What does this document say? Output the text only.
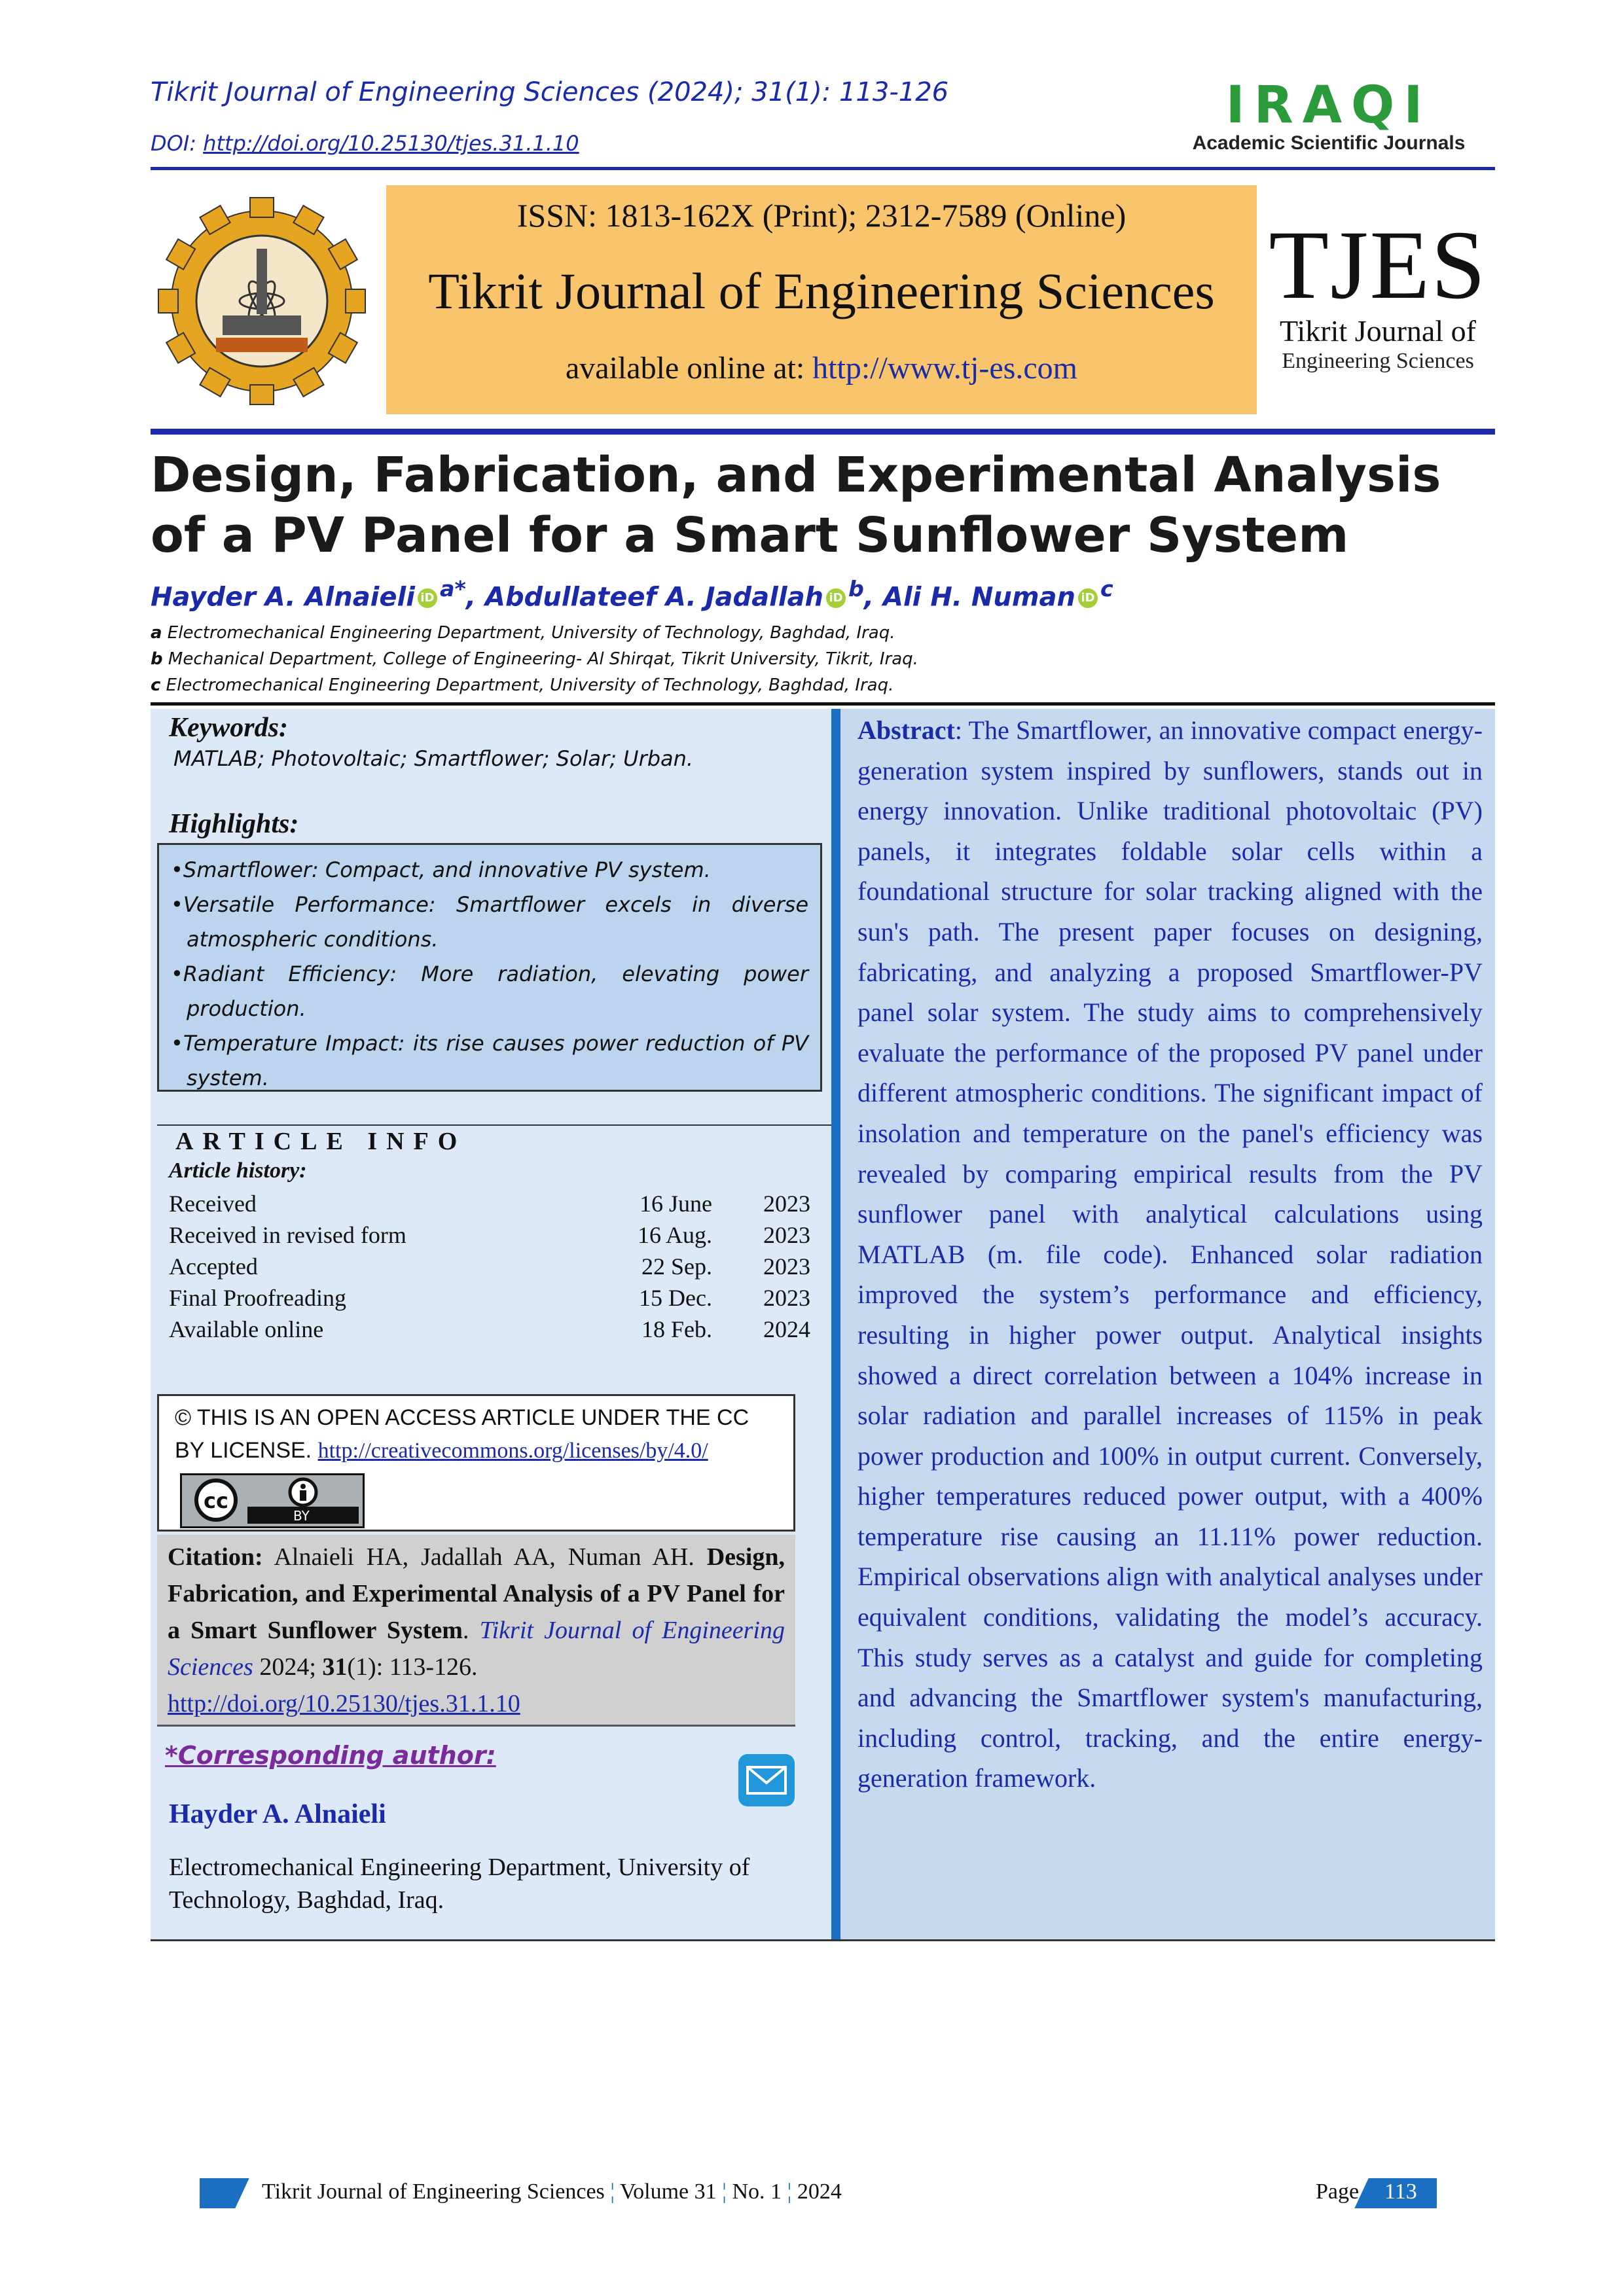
Tikrit Journal of Engineering Sciences (2024); 31(1): 113-126
DOI: http://doi.org/10.25130/tjes.31.1.10
IRAQI
Academic Scientific Journals
ISSN: 1813-162X (Print); 2312-7589 (Online)
Tikrit Journal of Engineering Sciences
available online at: http://www.tj-es.com
TJES
Tikrit Journal of
Engineering Sciences
Design, Fabrication, and Experimental Analysis of a PV Panel for a Smart Sunflower System
Hayder A. Alnaieli iD $^{a*}$, Abdullateef A. Jadallah iD $^b$, Ali H. Numan iD $^c$
a Electromechanical Engineering Department, University of Technology, Baghdad, Iraq.
b Mechanical Department, College of Engineering- Al Shirqat, Tikrit University, Tikrit, Iraq.
c Electromechanical Engineering Department, University of Technology, Baghdad, Iraq.
Keywords:
MATLAB; Photovoltaic; Smartflower; Solar; Urban.
Highlights:
•Smartflower: Compact, and innovative PV system.
•Versatile Performance: Smartflower excels in diverse atmospheric conditions.
•Radiant Efficiency: More radiation, elevating power production.
•Temperature Impact: its rise causes power reduction of PV system.
ARTICLE INFO
Article history:
Received	16 June	2023
Received in revised form	16 Aug.	2023
Accepted	22 Sep.	2023
Final Proofreading	15 Dec.	2023
Available online	18 Feb.	2024
© THIS IS AN OPEN ACCESS ARTICLE UNDER THE CC BY LICENSE. http://creativecommons.org/licenses/by/4.0/
cc
BY
Citation: Alnaieli HA, Jadallah AA, Numan AH. Design, Fabrication, and Experimental Analysis of a PV Panel for a Smart Sunflower System. Tikrit Journal of Engineering Sciences 2024; 31(1): 113-126.
http://doi.org/10.25130/tjes.31.1.10
*Corresponding author:
Hayder A. Alnaieli
Electromechanical Engineering Department, University of Technology, Baghdad, Iraq.
Abstract: The Smartflower, an innovative compact energy-generation system inspired by sunflowers, stands out in energy innovation. Unlike traditional photovoltaic (PV) panels, it integrates foldable solar cells within a foundational structure for solar tracking aligned with the sun's path. The present paper focuses on designing, fabricating, and analyzing a proposed Smartflower-PV panel solar system. The study aims to comprehensively evaluate the performance of the proposed PV panel under different atmospheric conditions. The significant impact of insolation and temperature on the panel's efficiency was revealed by comparing empirical results from the PV sunflower panel with analytical calculations using MATLAB (m. file code). Enhanced solar radiation improved the system’s performance and efficiency, resulting in higher power output. Analytical insights showed a direct correlation between a 104% increase in solar radiation and parallel increases of 115% in peak power production and 100% in output current. Conversely, higher temperatures reduced power output, with a 400% temperature rise causing an 11.11% power reduction. Empirical observations align with analytical analyses under equivalent conditions, validating the model’s accuracy. This study serves as a catalyst and guide for completing and advancing the Smartflower system's manufacturing, including control, tracking, and the entire energy-generation framework.
Tikrit Journal of Engineering Sciences ¦ Volume 31 ¦ No. 1 ¦ 2024	Page 113
